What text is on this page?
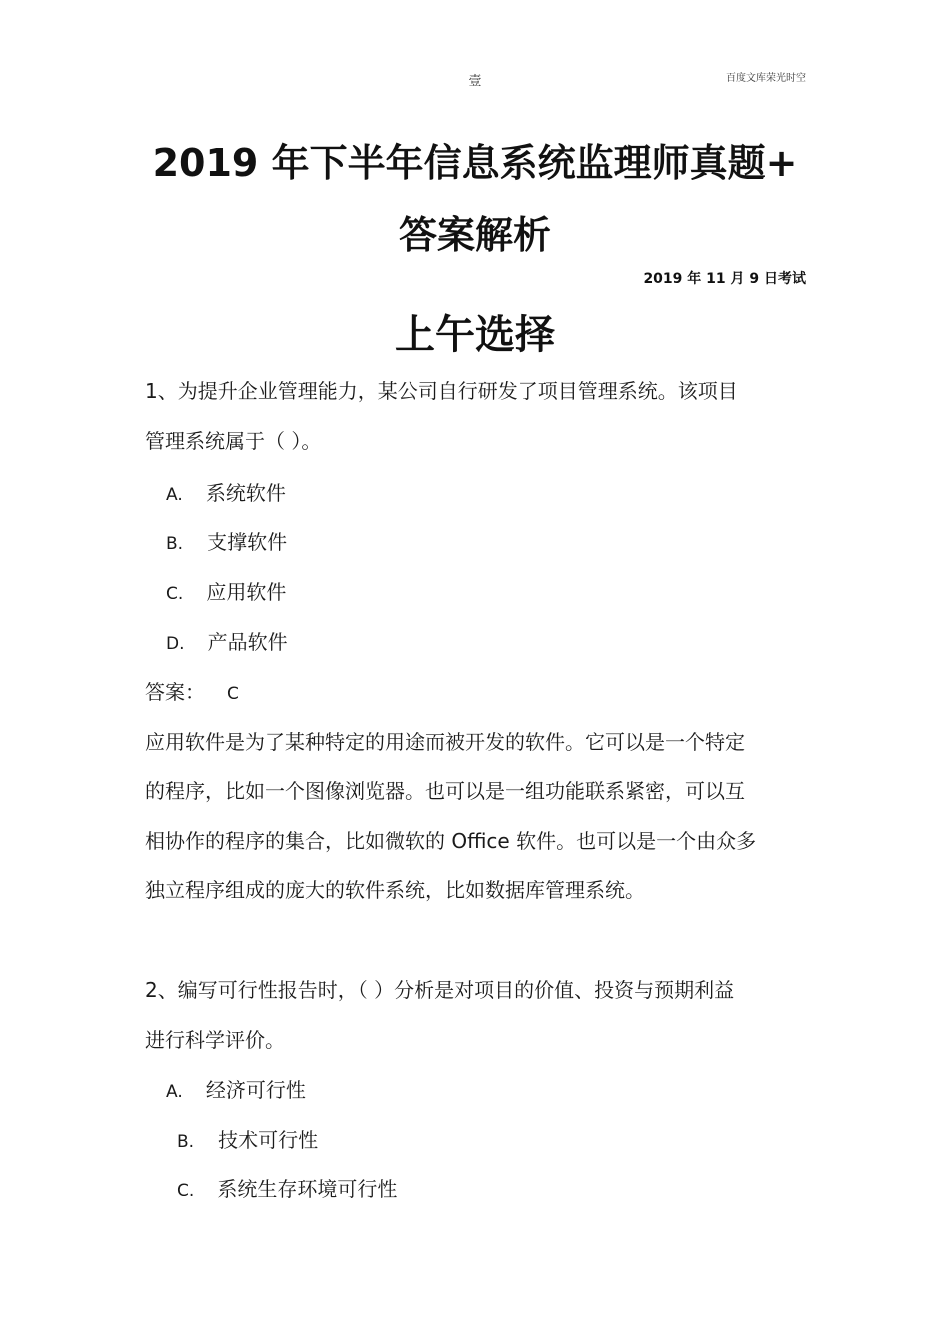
壹	百度文库荣光时空
2019 年下半年信息系统监理师真题+
答案解析
2019 年 11 月 9 日考试
上午选择
1、为提升企业管理能力，某公司自行研发了项目管理系统。该项目
管理系统属于（ ）。
A. 系统软件
B. 支撑软件
C. 应用软件
D. 产品软件
答案： C
应用软件是为了某种特定的用途而被开发的软件。它可以是一个特定
的程序，比如一个图像浏览器。也可以是一组功能联系紧密，可以互
相协作的程序的集合，比如微软的 Office 软件。也可以是一个由众多
独立程序组成的庞大的软件系统，比如数据库管理系统。
2、编写可行性报告时，（ ）分析是对项目的价值、投资与预期利益
进行科学评价。
A. 经济可行性
B. 技术可行性
C. 系统生存环境可行性
